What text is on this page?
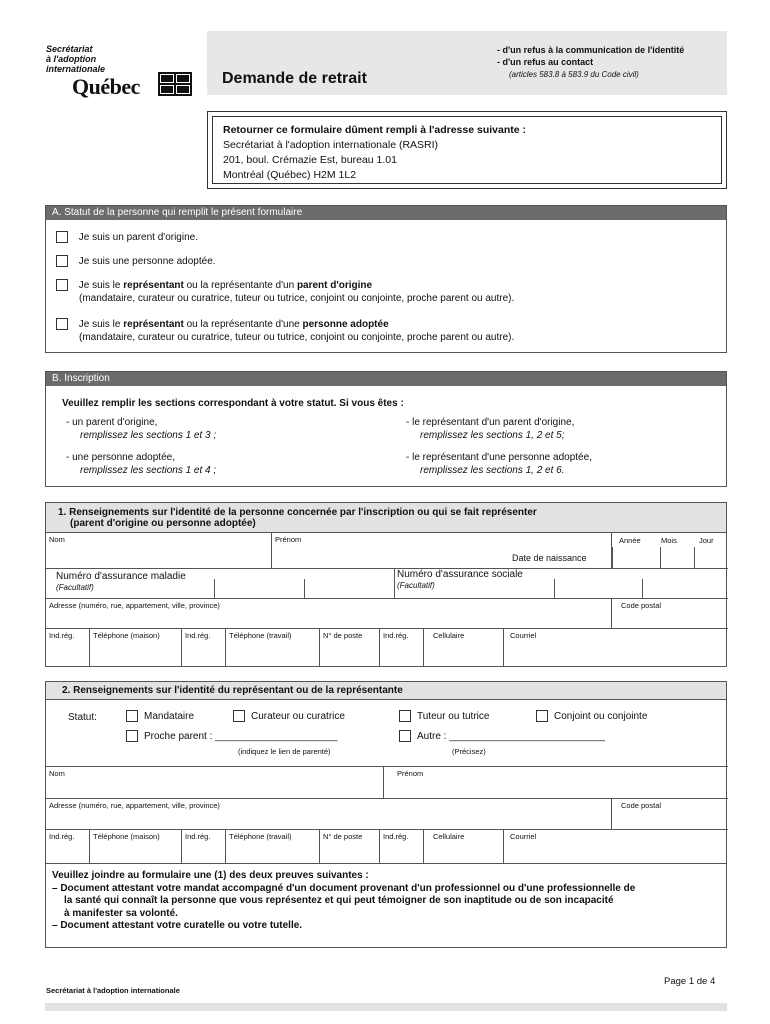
Secrétariat
à l'adoption
internationale
Québec	Demande de retrait
- d'un refus à la communication de l'identité
- d'un refus au contact
(articles 583.8 à 583.9 du Code civil)
Retourner ce formulaire dûment rempli à l'adresse suivante :
Secrétariat à l'adoption internationale (RASRI)
201, boul. Crémazie Est, bureau 1.01
Montréal (Québec) H2M 1L2
A. Statut de la personne qui remplit le présent formulaire
Je suis un parent d'origine.
Je suis une personne adoptée.
Je suis le représentant ou la représentante d'un parent d'origine
(mandataire, curateur ou curatrice, tuteur ou tutrice, conjoint ou conjointe, proche parent ou autre).
Je suis le représentant ou la représentante d'une personne adoptée
(mandataire, curateur ou curatrice, tuteur ou tutrice, conjoint ou conjointe, proche parent ou autre).
B. Inscription
Veuillez remplir les sections correspondant à votre statut. Si vous êtes :
- un parent d'origine,
remplissez les sections 1 et 3 ;
- une personne adoptée,
remplissez les sections 1 et 4 ;
- le représentant d'un parent d'origine,
remplissez les sections 1, 2 et 5;
- le représentant d'une personne adoptée,
remplissez les sections 1, 2 et 6.
1. Renseignements sur l'identité de la personne concernée par l'inscription ou qui se fait représenter
(parent d'origine ou personne adoptée)
Nom	Prénom	Année	Mois	Jour
Date de naissance
Numéro d'assurance maladie
(Facultatif)
Numéro d'assurance sociale
(Facultatif)
Adresse (numéro, rue, appartement, ville, province)	Code postal
Ind.rég.	Téléphone (maison)	Ind.rég.	Téléphone (travail)	N° de poste	Ind.rég.	Cellulaire	Courriel
2. Renseignements sur l'identité du représentant ou de la représentante
Statut:	Mandataire	Curateur ou curatrice	Tuteur ou tutrice	Conjoint ou conjointe
Proche parent : ______________________
(indiquez le lien de parenté)
Autre : ____________________________
(Précisez)
Nom	Prénom
Adresse (numéro, rue, appartement, ville, province)	Code postal
Ind.rég.	Téléphone (maison)	Ind.rég.	Téléphone (travail)	N° de poste	Ind.rég.	Cellulaire	Courriel
Veuillez joindre au formulaire une (1) des deux preuves suivantes :
– Document attestant votre mandat accompagné d'un document provenant d'un professionnel ou d'une professionnelle de
la santé qui connaît la personne que vous représentez et qui peut témoigner de son inaptitude ou de son incapacité
à manifester sa volonté.
– Document attestant votre curatelle ou votre tutelle.
Page 1 de 4
Secrétariat à l'adoption internationale
